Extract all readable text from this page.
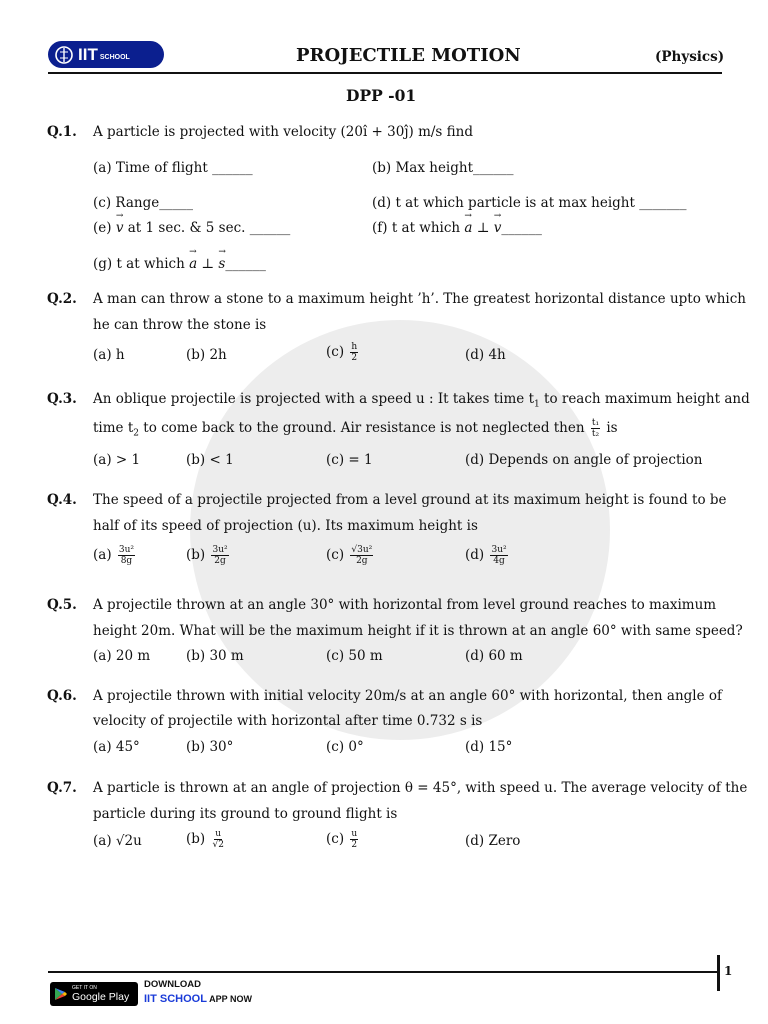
IIT SCHOOL	PROJECTILE MOTION	(Physics)
DPP -01
Q.1. A particle is projected with velocity (20î + 30ĵ) m/s find
(a) Time of flight ______	(b) Max height______
(c) Range_____	(d) t at which particle is at max height _______
(e) → v at 1 sec. & 5 sec. ______	(f) t at which → a ⊥ → v______
(g) t at which → a ⊥ → s______
Q.2. A man can throw a stone to a maximum height ’h’. The greatest horizontal distance upto which
he can throw the stone is
(a) h	(b) 2h	$(c) \frac{h}{2}$	(d) 4h
Q.3. An oblique projectile is projected with a speed u : It takes time $t_1$ to reach maximum height and
time $t_2$ to come back to the ground. Air resistance is not neglected then $\frac{\text{t₁}}{\text{t₂}}$ is
(a) > 1	(b) < 1	(c) = 1	(d) Depends on angle of projection
Q.4. The speed of a projectile projected from a level ground at its maximum height is found to be
half of its speed of projection (u). Its maximum height is
$(a) \frac{\text{3u²}}{8g}$	$(b) \frac{\text{3u²}}{2g}$	$(c) \frac{\text{√3u²}}{2g}$	$(d) \frac{\text{3u²}}{4g}$
Q.5. A projectile thrown at an angle 30° with horizontal from level ground reaches to maximum
height 20m. What will be the maximum height if it is thrown at an angle 60° with same speed?
(a) 20 m	(b) 30 m	(c) 50 m	(d) 60 m
Q.6. A projectile thrown with initial velocity 20m/s at an angle 60° with horizontal, then angle of
velocity of projectile with horizontal after time 0.732 s is
(a) 45°	(b) 30°	(c) 0°	(d) 15°
Q.7. A particle is thrown at an angle of projection θ = 45°, with speed u. The average velocity of the
particle during its ground to ground flight is
(a) √2u	$(b) \frac{u}{√2}$	$(c) \frac{u}{2}$	(d) Zero
1
GET IT ON
Google Play
DOWNLOAD
IIT SCHOOL APP NOW
